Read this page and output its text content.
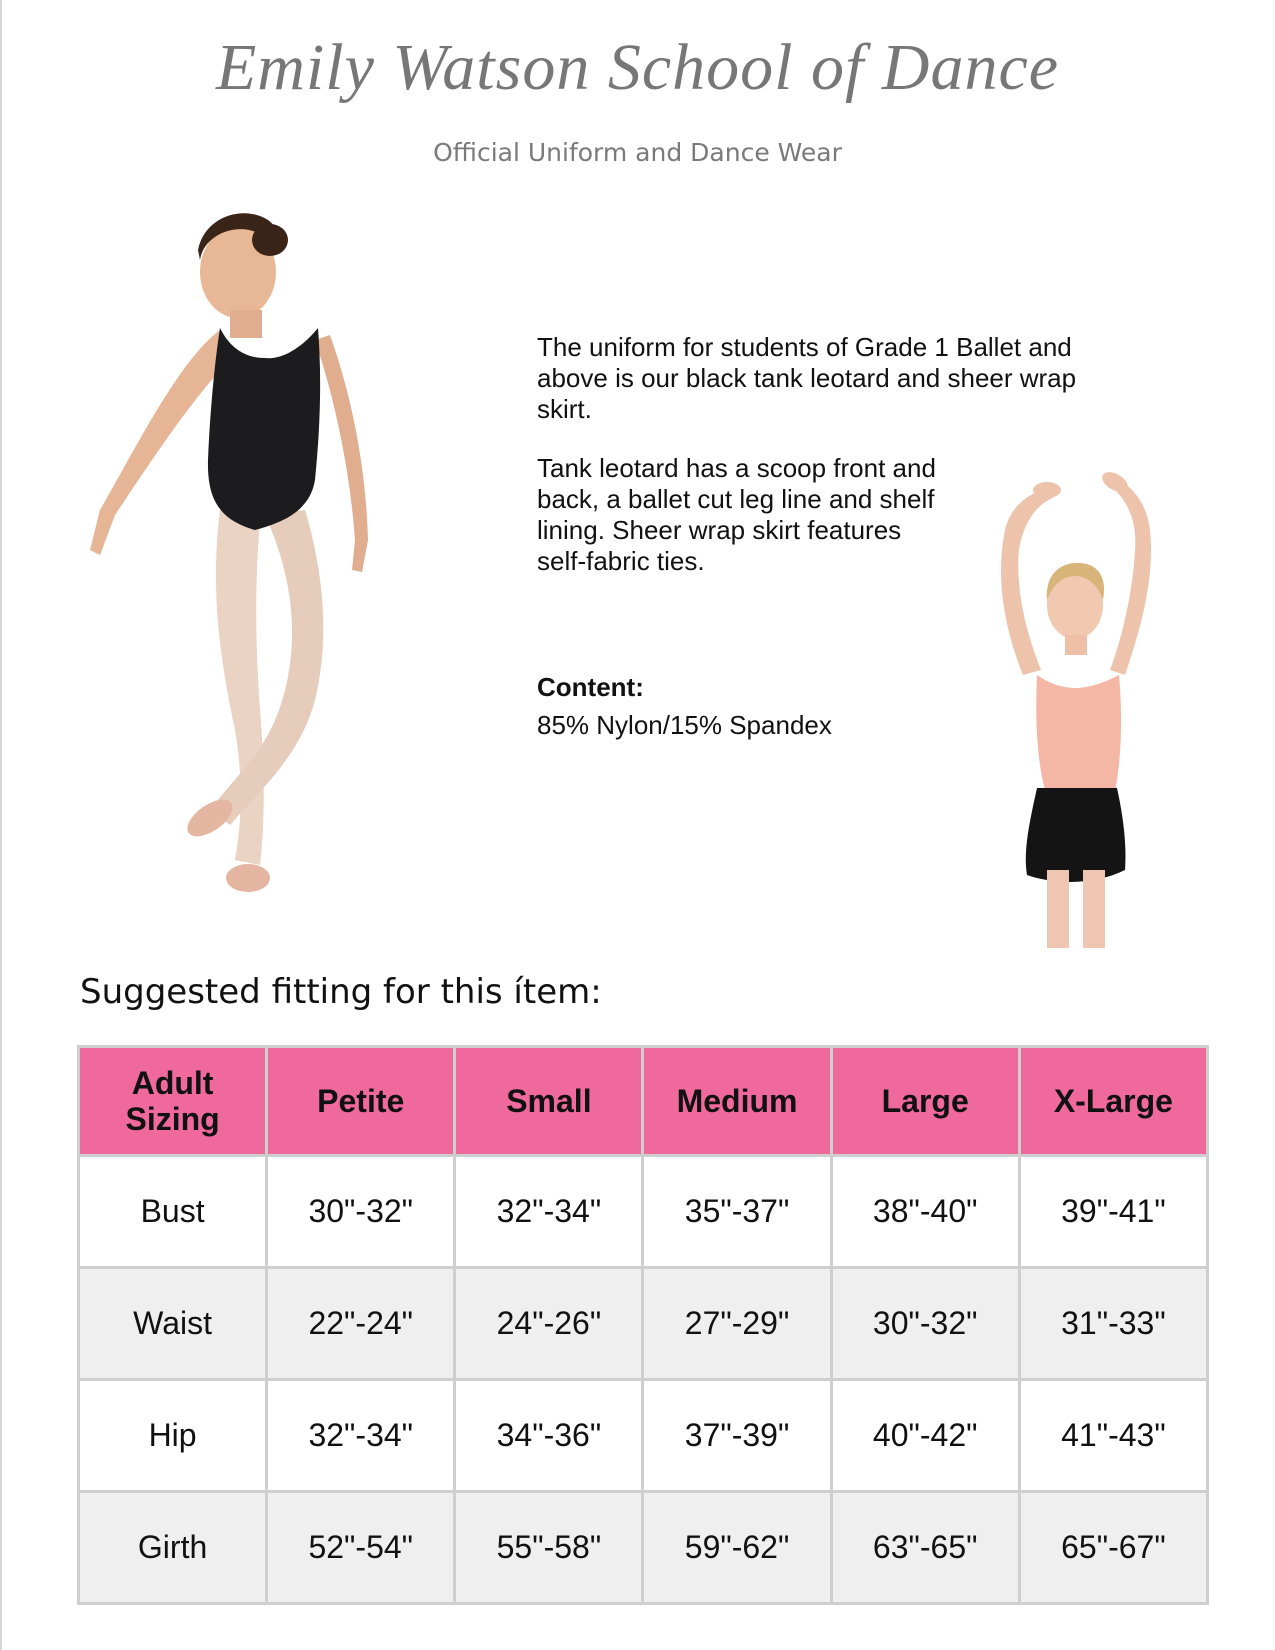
Emily Watson School of Dance
Official Uniform and Dance Wear

The uniform for students of Grade 1 Ballet and above is our black tank leotard and sheer wrap skirt.

Tank leotard has a scoop front and back, a ballet cut leg line and shelf lining. Sheer wrap skirt features self-fabric ties.

Content:
85% Nylon/15% Spandex
Suggested fitting for this ítem:
Adult Sizing	Petite	Small	Medium	Large	X-Large
Bust	30"-32"	32"-34"	35"-37"	38"-40"	39"-41"
Waist	22"-24"	24"-26"	27"-29"	30"-32"	31"-33"
Hip	32"-34"	34"-36"	37"-39"	40"-42"	41"-43"
Girth	52"-54"	55"-58"	59"-62"	63"-65"	65"-67"
